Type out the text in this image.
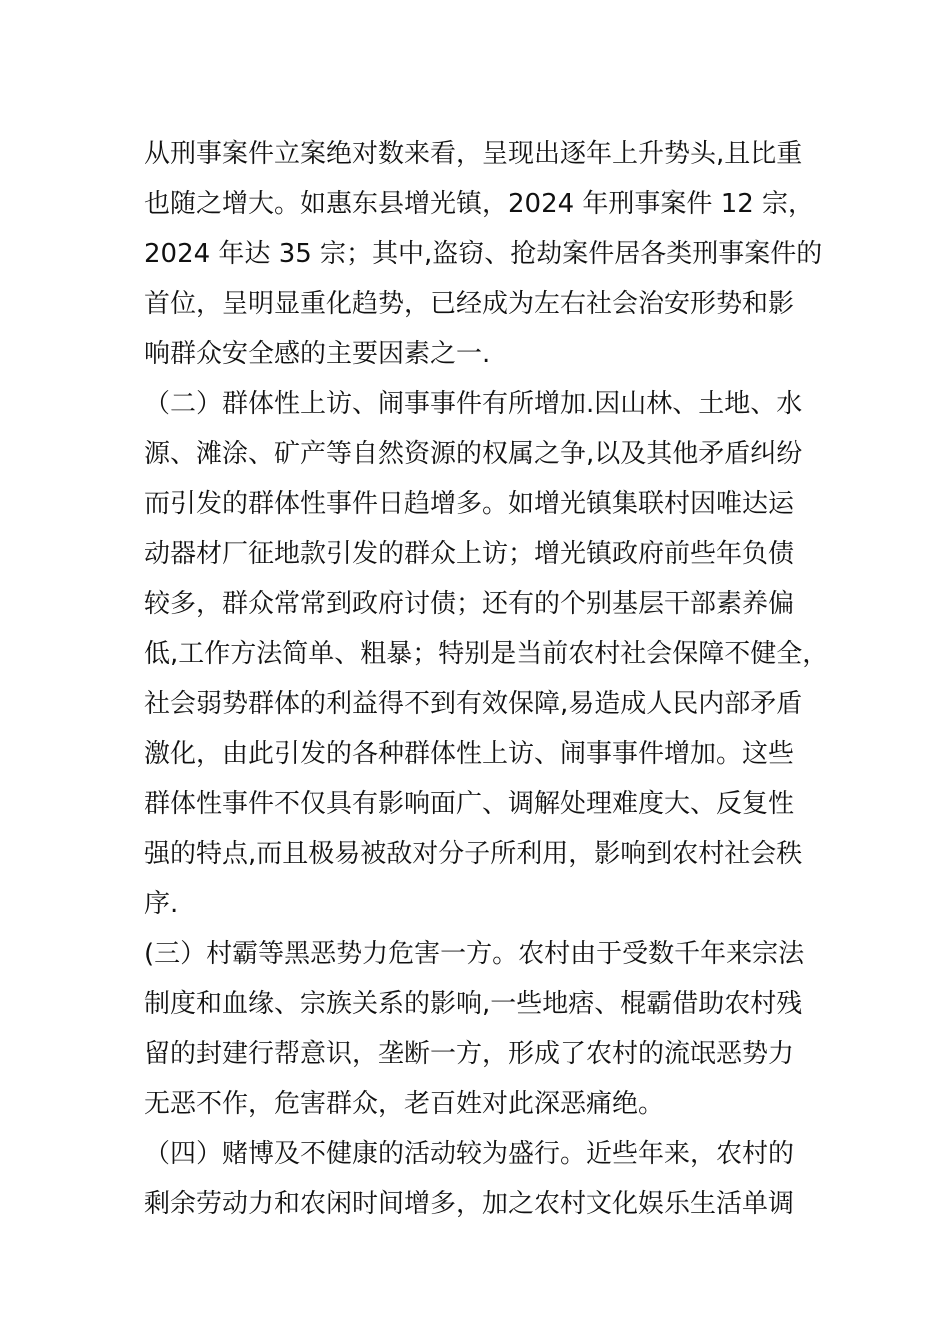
从刑事案件立案绝对数来看，呈现出逐年上升势头,且比重
也随之增大。如惠东县增光镇，2024 年刑事案件 12 宗，
2024 年达 35 宗；其中,盗窃、抢劫案件居各类刑事案件的
首位，呈明显重化趋势，已经成为左右社会治安形势和影
响群众安全感的主要因素之一.
（二）群体性上访、闹事事件有所增加.因山林、土地、水
源、滩涂、矿产等自然资源的权属之争,以及其他矛盾纠纷
而引发的群体性事件日趋增多。如增光镇集联村因唯达运
动器材厂征地款引发的群众上访；增光镇政府前些年负债
较多，群众常常到政府讨债；还有的个别基层干部素养偏
低,工作方法简单、粗暴；特别是当前农村社会保障不健全，
社会弱势群体的利益得不到有效保障,易造成人民内部矛盾
激化，由此引发的各种群体性上访、闹事事件增加。这些
群体性事件不仅具有影响面广、调解处理难度大、反复性
强的特点,而且极易被敌对分子所利用，影响到农村社会秩
序.
(三）村霸等黑恶势力危害一方。农村由于受数千年来宗法
制度和血缘、宗族关系的影响,一些地痞、棍霸借助农村残
留的封建行帮意识，垄断一方，形成了农村的流氓恶势力
无恶不作，危害群众，老百姓对此深恶痛绝。
（四）赌博及不健康的活动较为盛行。近些年来，农村的
剩余劳动力和农闲时间增多，加之农村文化娱乐生活单调
